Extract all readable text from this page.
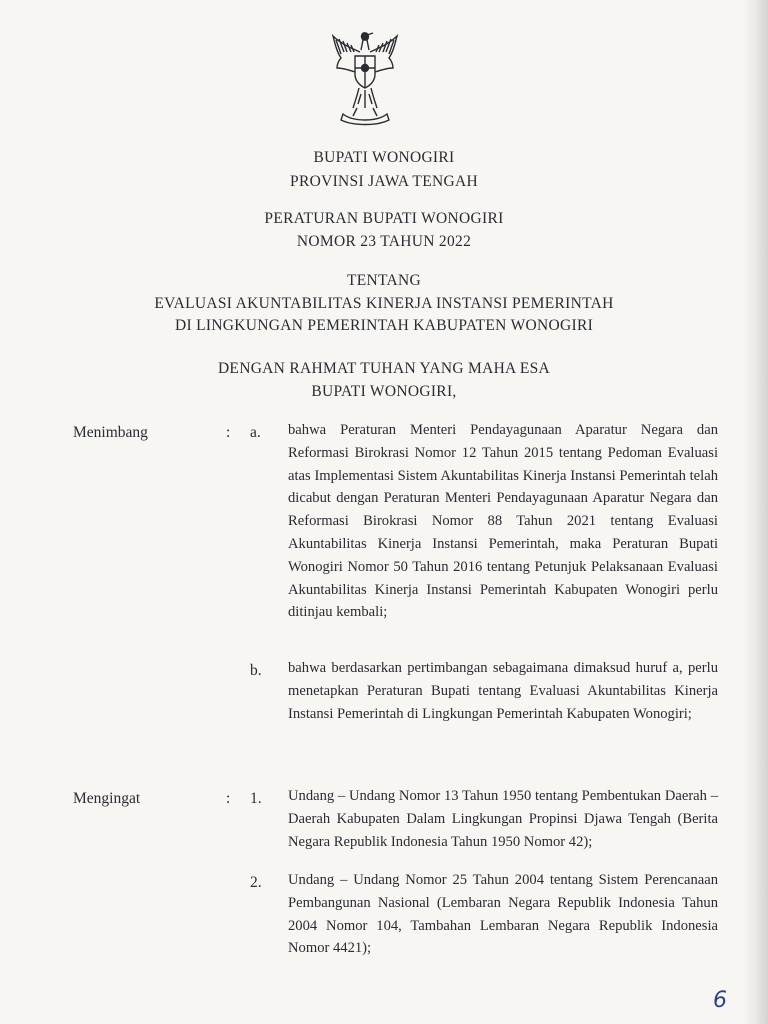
BUPATI WONOGIRI
PROVINSI JAWA TENGAH
PERATURAN BUPATI WONOGIRI
NOMOR 23 TAHUN 2022
TENTANG
EVALUASI AKUNTABILITAS KINERJA INSTANSI PEMERINTAH
DI LINGKUNGAN PEMERINTAH KABUPATEN WONOGIRI
DENGAN RAHMAT TUHAN YANG MAHA ESA
BUPATI WONOGIRI,
Menimbang	: a. bahwa Peraturan Menteri Pendayagunaan Aparatur Negara dan Reformasi Birokrasi Nomor 12 Tahun 2015 tentang Pedoman Evaluasi atas Implementasi Sistem Akuntabilitas Kinerja Instansi Pemerintah telah dicabut dengan Peraturan Menteri Pendayagunaan Aparatur Negara dan Reformasi Birokrasi Nomor 88 Tahun 2021 tentang Evaluasi Akuntabilitas Kinerja Instansi Pemerintah, maka Peraturan Bupati Wonogiri Nomor 50 Tahun 2016 tentang Petunjuk Pelaksanaan Evaluasi Akuntabilitas Kinerja Instansi Pemerintah Kabupaten Wonogiri perlu ditinjau kembali;

b. bahwa berdasarkan pertimbangan sebagaimana dimaksud huruf a, perlu menetapkan Peraturan Bupati tentang Evaluasi Akuntabilitas Kinerja Instansi Pemerintah di Lingkungan Pemerintah Kabupaten Wonogiri;

Mengingat	: 1. Undang – Undang Nomor 13 Tahun 1950 tentang Pembentukan Daerah – Daerah Kabupaten Dalam Lingkungan Propinsi Djawa Tengah (Berita Negara Republik Indonesia Tahun 1950 Nomor 42);

2. Undang – Undang Nomor 25 Tahun 2004 tentang Sistem Perencanaan Pembangunan Nasional (Lembaran Negara Republik Indonesia Tahun 2004 Nomor 104, Tambahan Lembaran Negara Republik Indonesia Nomor 4421);

6
